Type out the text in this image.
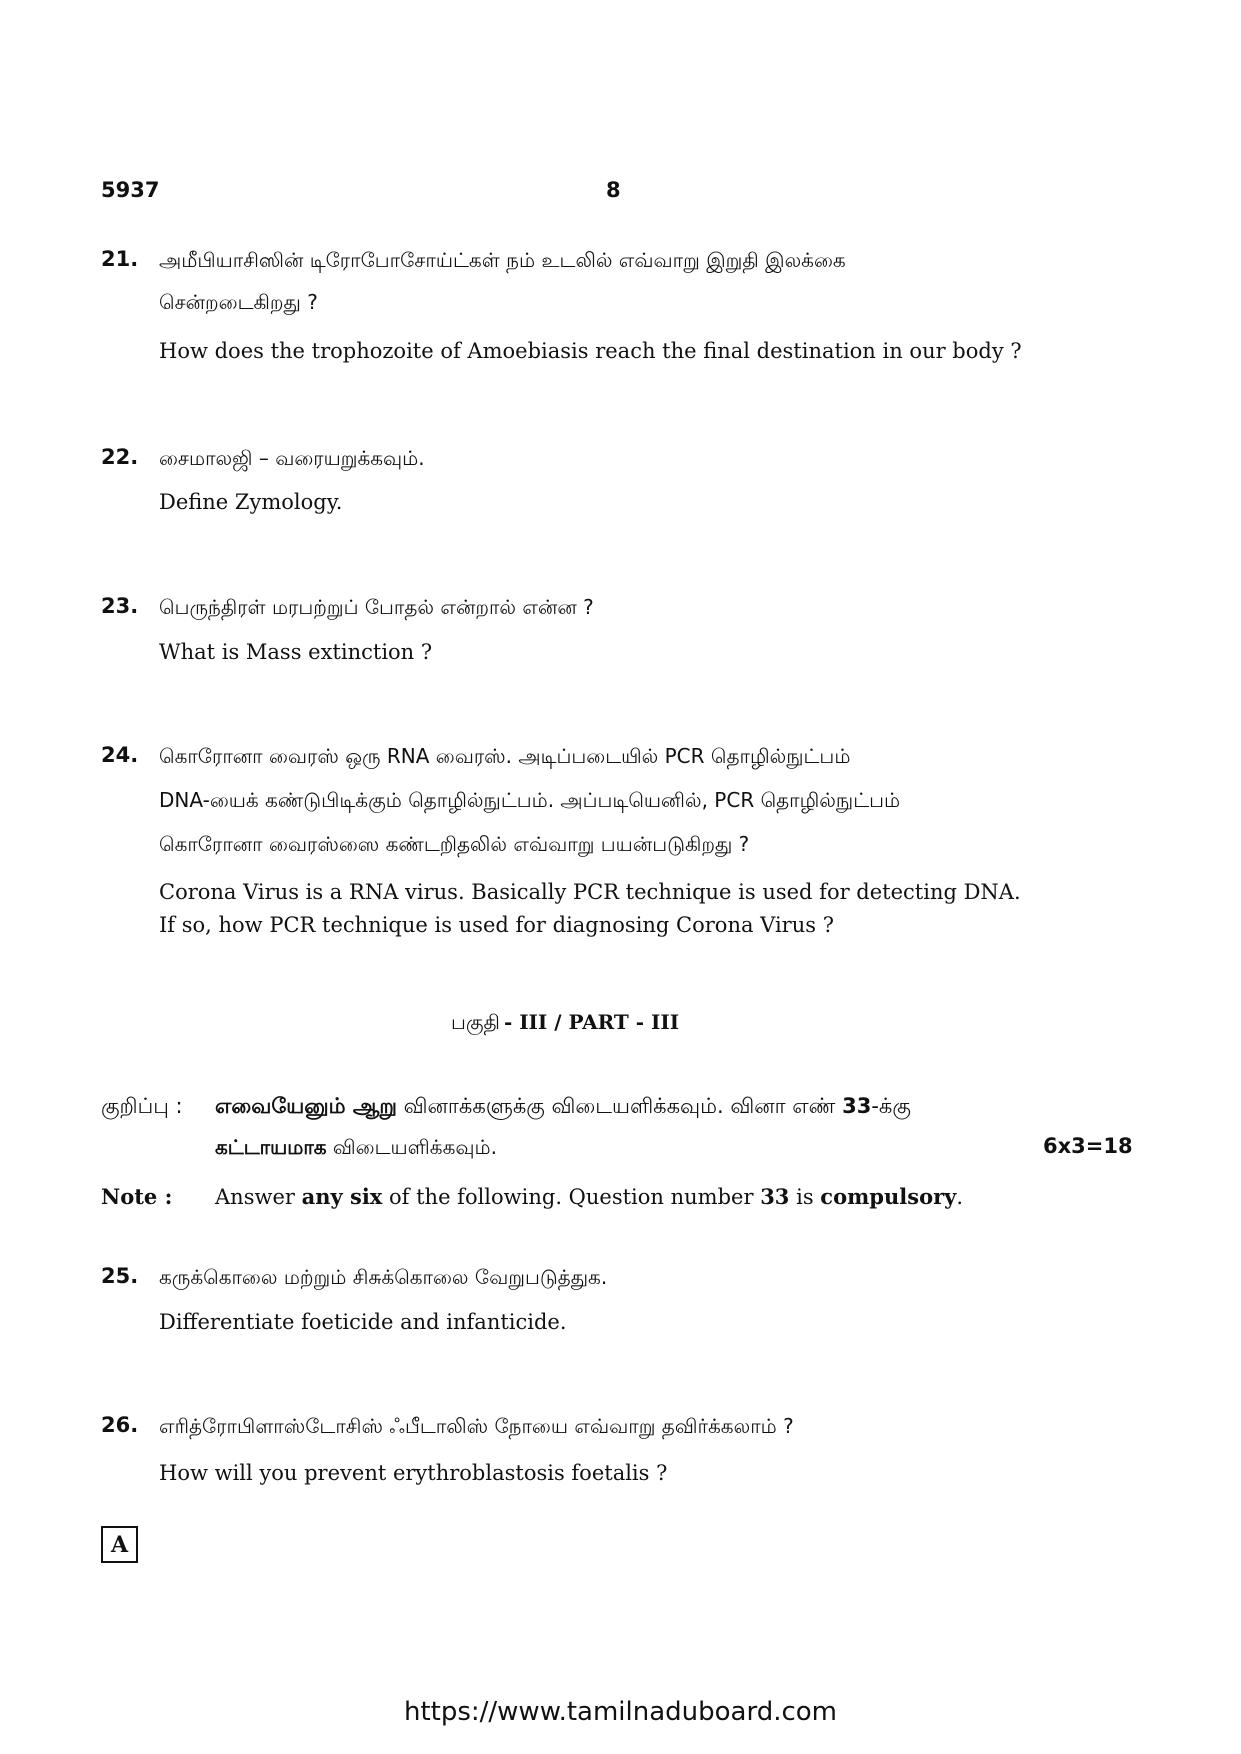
5937	8
21. அமீபியாசிஸின் டிரோபோசோய்ட்கள் நம் உடலில் எவ்வாறு இறுதி இலக்கை
சென்றடைகிறது ?
How does the trophozoite of Amoebiasis reach the final destination in our body ?
22. சைமாலஜி – வரையறுக்கவும்.
Define Zymology.
23. பெருந்திரள் மரபற்றுப் போதல் என்றால் என்ன ?
What is Mass extinction ?
24. கொரோனா வைரஸ் ஒரு RNA வைரஸ். அடிப்படையில் PCR தொழில்நுட்பம்
DNA-யைக் கண்டுபிடிக்கும் தொழில்நுட்பம். அப்படியெனில், PCR தொழில்நுட்பம்
கொரோனா வைரஸ்ஸை கண்டறிதலில் எவ்வாறு பயன்படுகிறது ?
Corona Virus is a RNA virus. Basically PCR technique is used for detecting DNA.
If so, how PCR technique is used for diagnosing Corona Virus ?
பகுதி - III / PART - III
குறிப்பு : எவையேனும் ஆறு வினாக்களுக்கு விடையளிக்கவும். வினா எண் 33-க்கு
கட்டாயமாக விடையளிக்கவும்.	6x3=18
Note : Answer any six of the following. Question number 33 is compulsory.
25. கருக்கொலை மற்றும் சிசுக்கொலை வேறுபடுத்துக.
Differentiate foeticide and infanticide.
26. எரித்ரோபிளாஸ்டோசிஸ் ஃபீடாலிஸ் நோயை எவ்வாறு தவிர்க்கலாம் ?
How will you prevent erythroblastosis foetalis ?
A
https://www.tamilnaduboard.com
